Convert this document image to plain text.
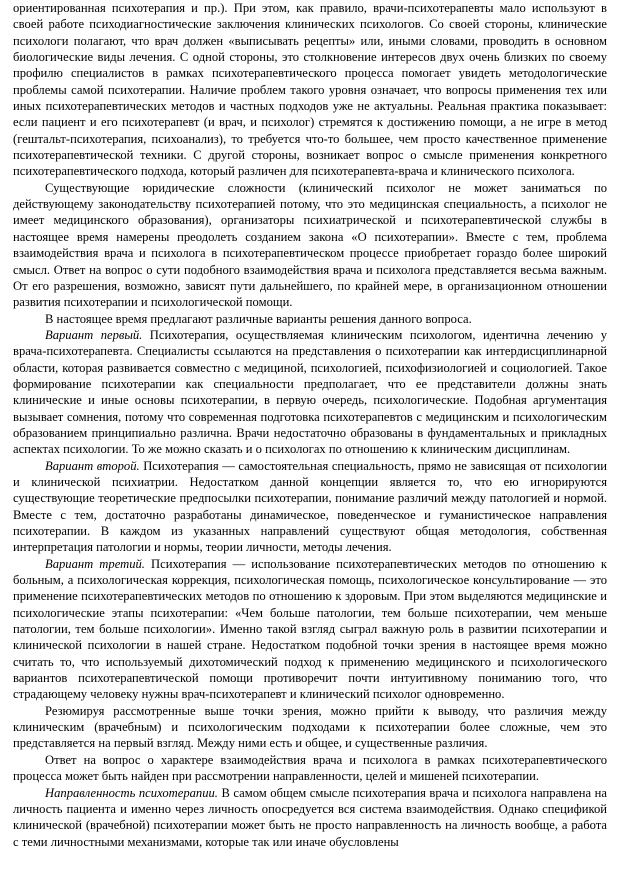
ориентированная психотерапия и пр.). При этом, как правило, врачи-психотерапевты мало используют в своей работе психодиагностические заключения клинических психологов. Со своей стороны, клинические психологи полагают, что врач должен «выписывать рецепты» или, иными словами, проводить в основном биологические виды лечения. С одной стороны, это столкновение интересов двух очень близких по своему профилю специалистов в рамках психотерапевтического процесса помогает увидеть методологические проблемы самой психотерапии. Наличие проблем такого уровня означает, что вопросы применения тех или иных психотерапевтических методов и частных подходов уже не актуальны. Реальная практика показывает: если пациент и его психотерапевт (и врач, и психолог) стремятся к достижению помощи, а не игре в метод (гештальт-психотерапия, психоанализ), то требуется что-то большее, чем просто качественное применение психотерапевтической техники. С другой стороны, возникает вопрос о смысле применения конкретного психотерапевтического подхода, который различен для психотерапевта-врача и клинического психолога.

Существующие юридические сложности (клинический психолог не может заниматься по действующему законодательству психотерапией потому, что это медицинская специальность, а психолог не имеет медицинского образования), организаторы психиатрической и психотерапевтической службы в настоящее время намерены преодолеть созданием закона «О психотерапии». Вместе с тем, проблема взаимодействия врача и психолога в психотерапевтическом процессе приобретает гораздо более широкий смысл. Ответ на вопрос о сути подобного взаимодействия врача и психолога представляется весьма важным. От его разрешения, возможно, зависят пути дальнейшего, по крайней мере, в организационном отношении развития психотерапии и психологической помощи.

В настоящее время предлагают различные варианты решения данного вопроса.

Вариант первый. Психотерапия, осуществляемая клиническим психологом, идентична лечению у врача-психотерапевта. Специалисты ссылаются на представления о психотерапии как интердисциплинарной области, которая развивается совместно с медициной, психологией, психофизиологией и социологией. Такое формирование психотерапии как специальности предполагает, что ее представители должны знать клинические и иные основы психотерапии, в первую очередь, психологические. Подобная аргументация вызывает сомнения, потому что современная подготовка психотерапевтов с медицинским и психологическим образованием принципиально различна. Врачи недостаточно образованы в фундаментальных и прикладных аспектах психологии. То же можно сказать и о психологах по отношению к клиническим дисциплинам.

Вариант второй. Психотерапия — самостоятельная специальность, прямо не зависящая от психологии и клинической психиатрии. Недостатком данной концепции является то, что ею игнорируются существующие теоретические предпосылки психотерапии, понимание различий между патологией и нормой. Вместе с тем, достаточно разработаны динамическое, поведенческое и гуманистическое направления психотерапии. В каждом из указанных направлений существуют общая методология, собственная интерпретация патологии и нормы, теории личности, методы лечения.

Вариант третий. Психотерапия — использование психотерапевтических методов по отношению к больным, а психологическая коррекция, психологическая помощь, психологическое консультирование — это применение психотерапевтических методов по отношению к здоровым. При этом выделяются медицинские и психологические этапы психотерапии: «Чем больше патологии, тем больше психотерапии, чем меньше патологии, тем больше психологии». Именно такой взгляд сыграл важную роль в развитии психотерапии и клинической психологии в нашей стране. Недостатком подобной точки зрения в настоящее время можно считать то, что используемый дихотомический подход к применению медицинского и психологического вариантов психотерапевтической помощи противоречит почти интуитивному пониманию того, что страдающему человеку нужны врач-психотерапевт и клинический психолог одновременно.

Резюмируя рассмотренные выше точки зрения, можно прийти к выводу, что различия между клиническим (врачебным) и психологическим подходами к психотерапии более сложные, чем это представляется на первый взгляд. Между ними есть и общее, и существенные различия.

Ответ на вопрос о характере взаимодействия врача и психолога в рамках психотерапевтического процесса может быть найден при рассмотрении направленности, целей и мишеней психотерапии.

Направленность психотерапии. В самом общем смысле психотерапия врача и психолога направлена на личность пациента и именно через личность опосредуется вся система взаимодействия. Однако спецификой клинической (врачебной) психотерапии может быть не просто направленность на личность вообще, а работа с теми личностными механизмами, которые так или иначе обусловлены
